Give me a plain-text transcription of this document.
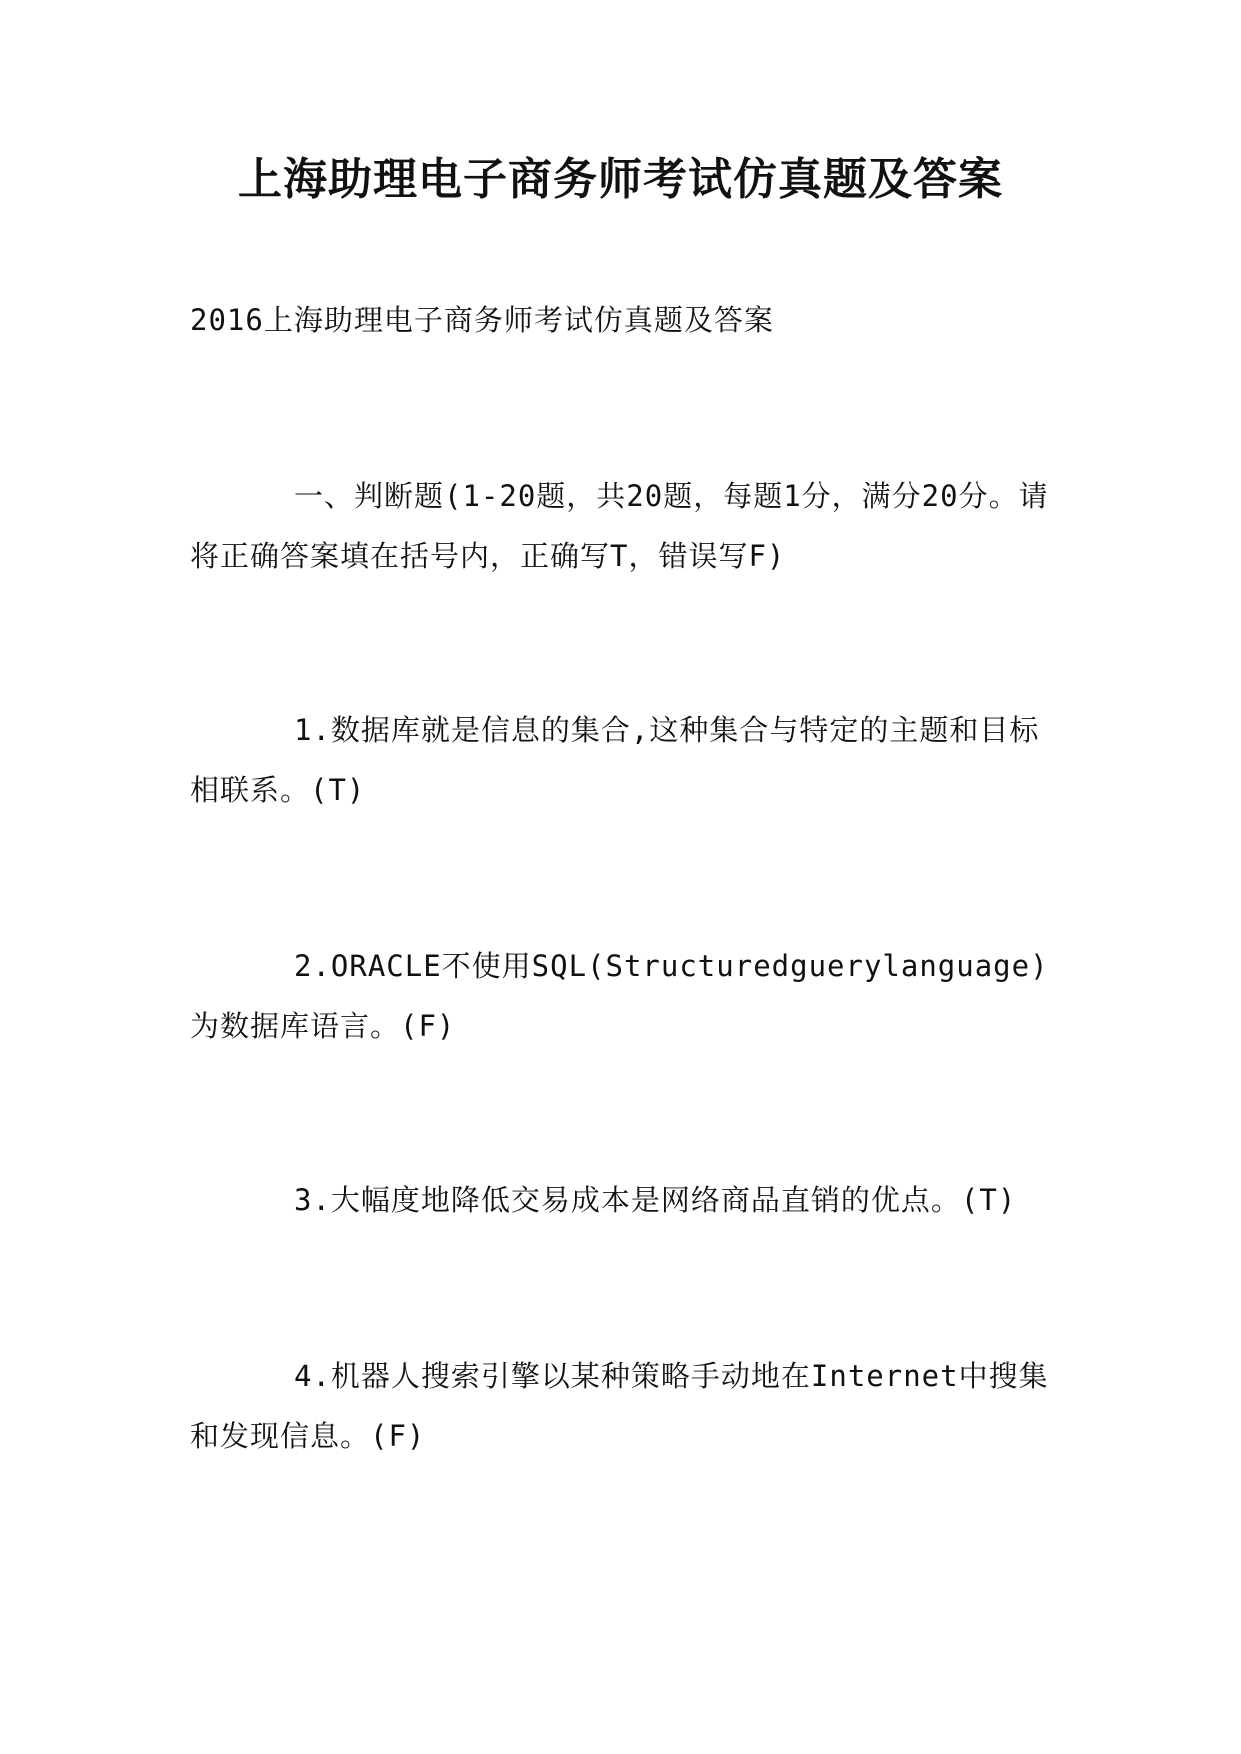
上海助理电子商务师考试仿真题及答案

2016上海助理电子商务师考试仿真题及答案

一、判断题(1-20题，共20题，每题1分，满分20分。请将正确答案填在括号内，正确写T，错误写F)

1.数据库就是信息的集合,这种集合与特定的主题和目标相联系。(T)

2.ORACLE不使用SQL(Structuredguerylanguage)为数据库语言。(F)

3.大幅度地降低交易成本是网络商品直销的优点。(T)

4.机器人搜索引擎以某种策略手动地在Internet中搜集和发现信息。(F)
